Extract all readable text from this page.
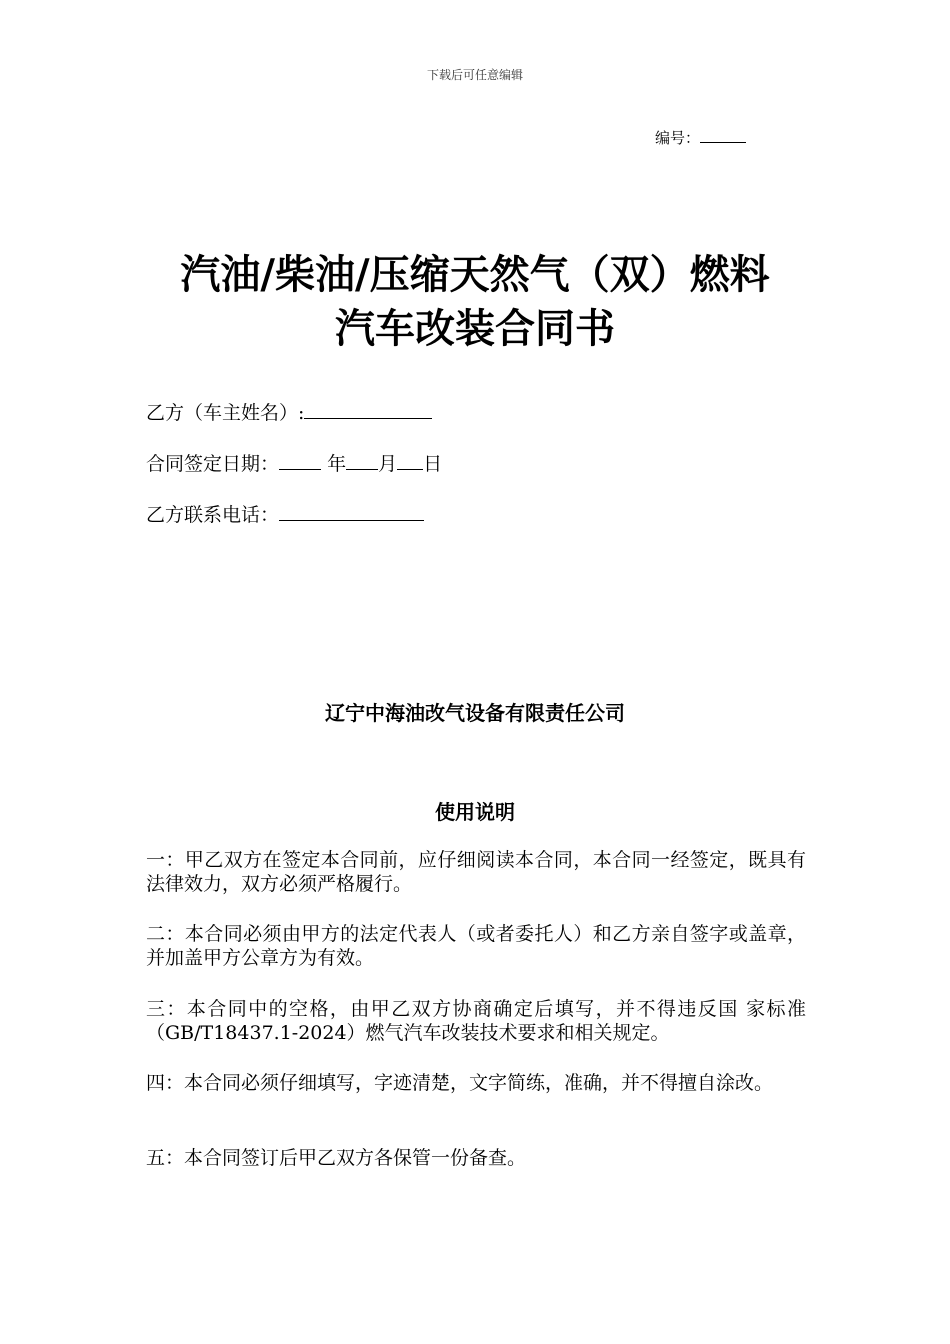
下载后可任意编辑
编号：
汽油/柴油/压缩天然气（双）燃料
汽车改装合同书
乙方（车主姓名）:
合同签定日期：	年 月 日
乙方联系电话：
辽宁中海油改气设备有限责任公司
使用说明
一：甲乙双方在签定本合同前，应仔细阅读本合同，本合同一经签定，既具有法律效力，双方必须严格履行。
二：本合同必须由甲方的法定代表人（或者委托人）和乙方亲自签字或盖章，并加盖甲方公章方为有效。
三：本合同中的空格，由甲乙双方协商确定后填写，并不得违反国 家标准（GB/T18437.1-2024）燃气汽车改装技术要求和相关规定。
四：本合同必须仔细填写，字迹清楚，文字简练，准确，并不得擅自涂改。
五：本合同签订后甲乙双方各保管一份备查。
